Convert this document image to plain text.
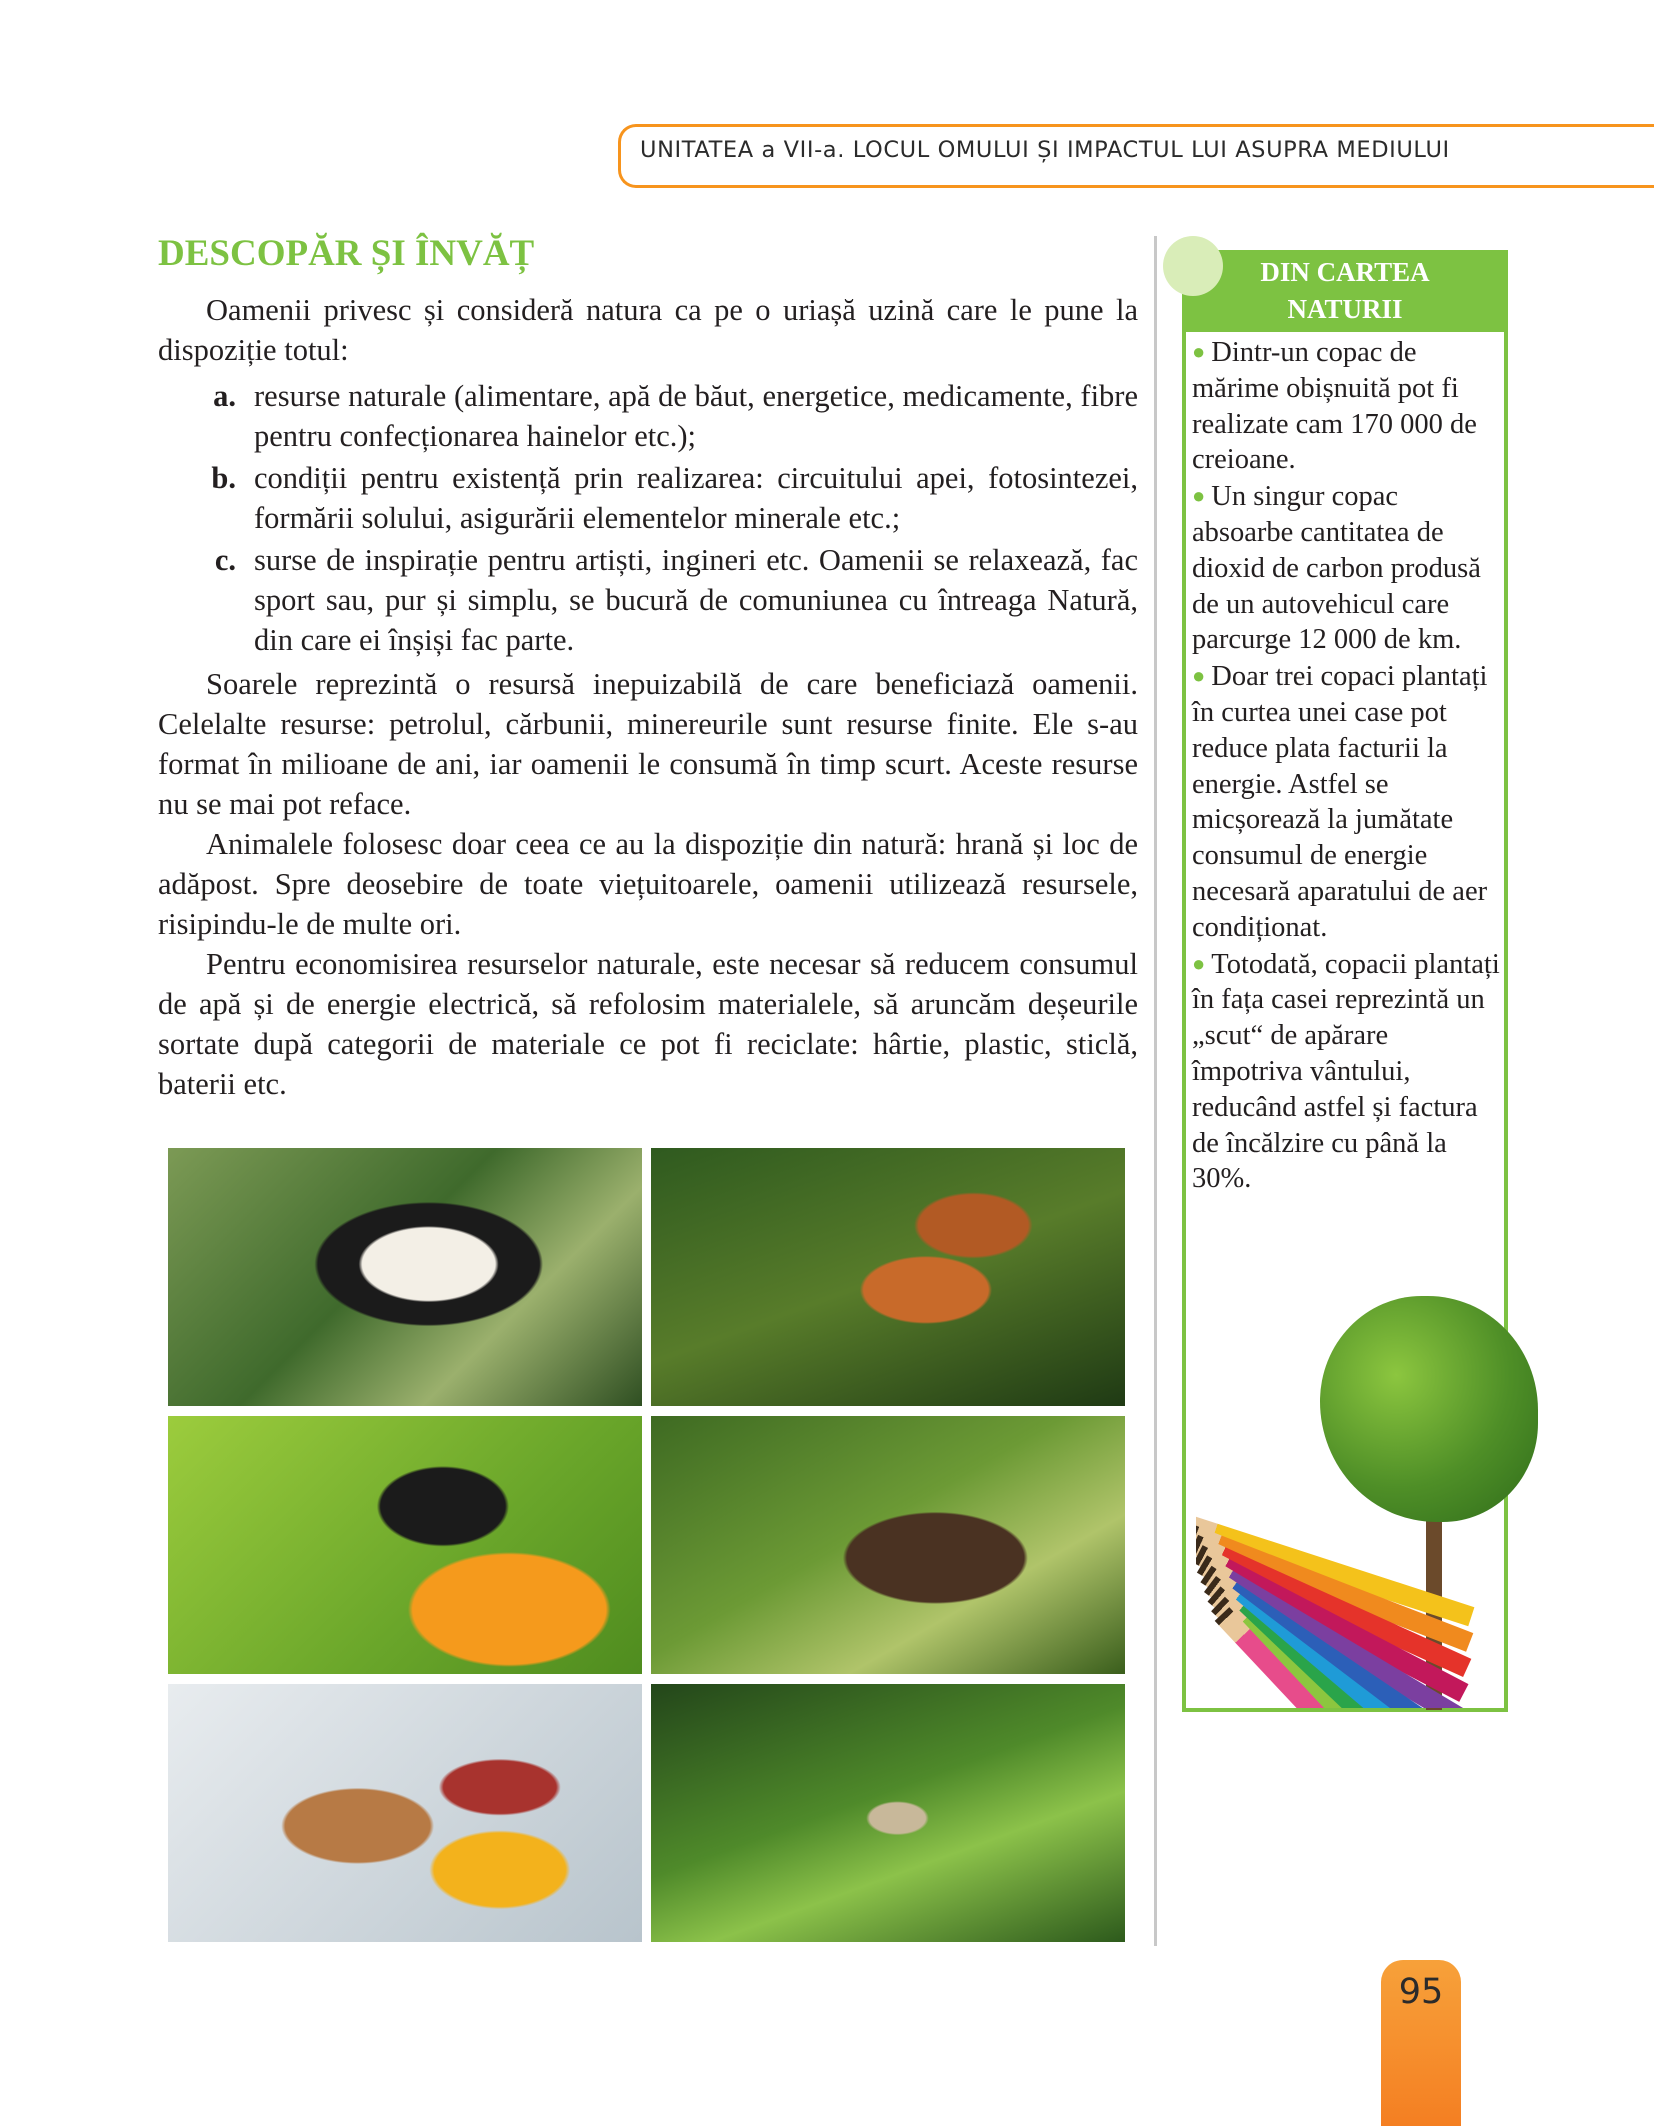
UNITATEA a VII-a. LOCUL OMULUI ȘI IMPACTUL LUI ASUPRA MEDIULUI
DESCOPĂR ȘI ÎNVĂȚ

Oamenii privesc și consideră natura ca pe o uriașă uzină care le pune la dispoziție totul:

a. resurse naturale (alimentare, apă de băut, energetice, medicamente, fibre pentru confecționarea hainelor etc.);
b. condiții pentru existență prin realizarea: circuitului apei, fotosintezei, formării solului, asigurării elementelor minerale etc.;
c. surse de inspirație pentru artiști, ingineri etc. Oamenii se relaxează, fac sport sau, pur și simplu, se bucură de comuniunea cu întreaga Natură, din care ei înșiși fac parte.

Soarele reprezintă o resursă inepuizabilă de care beneficiază oamenii. Celelalte resurse: petrolul, cărbunii, minereurile sunt resurse finite. Ele s-au format în milioane de ani, iar oamenii le consumă în timp scurt. Aceste resurse nu se mai pot reface.

Animalele folosesc doar ceea ce au la dispoziție din natură: hrană și loc de adăpost. Spre deosebire de toate viețuitoarele, oamenii utilizează resursele, risipindu-le de multe ori.

Pentru economisirea resurselor naturale, este necesar să reducem consumul de apă și de energie electrică, să refolosim materialele, să aruncăm deșeurile sortate după categorii de materiale ce pot fi reciclate: hârtie, plastic, sticlă, baterii etc.

DIN CARTEA
NATURII
● Dintr-un copac de mărime obișnuită pot fi realizate cam 170 000 de creioane.
● Un singur copac absoarbe cantitatea de dioxid de carbon produsă de un autovehicul care parcurge 12 000 de km.
● Doar trei copaci plantați în curtea unei case pot reduce plata facturii la energie. Astfel se micșorează la jumătate consumul de energie necesară aparatului de aer condiționat.
● Totodată, copacii plantați în fața casei reprezintă un „scut“ de apărare împotriva vântului, reducând astfel și factura de încălzire cu până la 30%.
95
